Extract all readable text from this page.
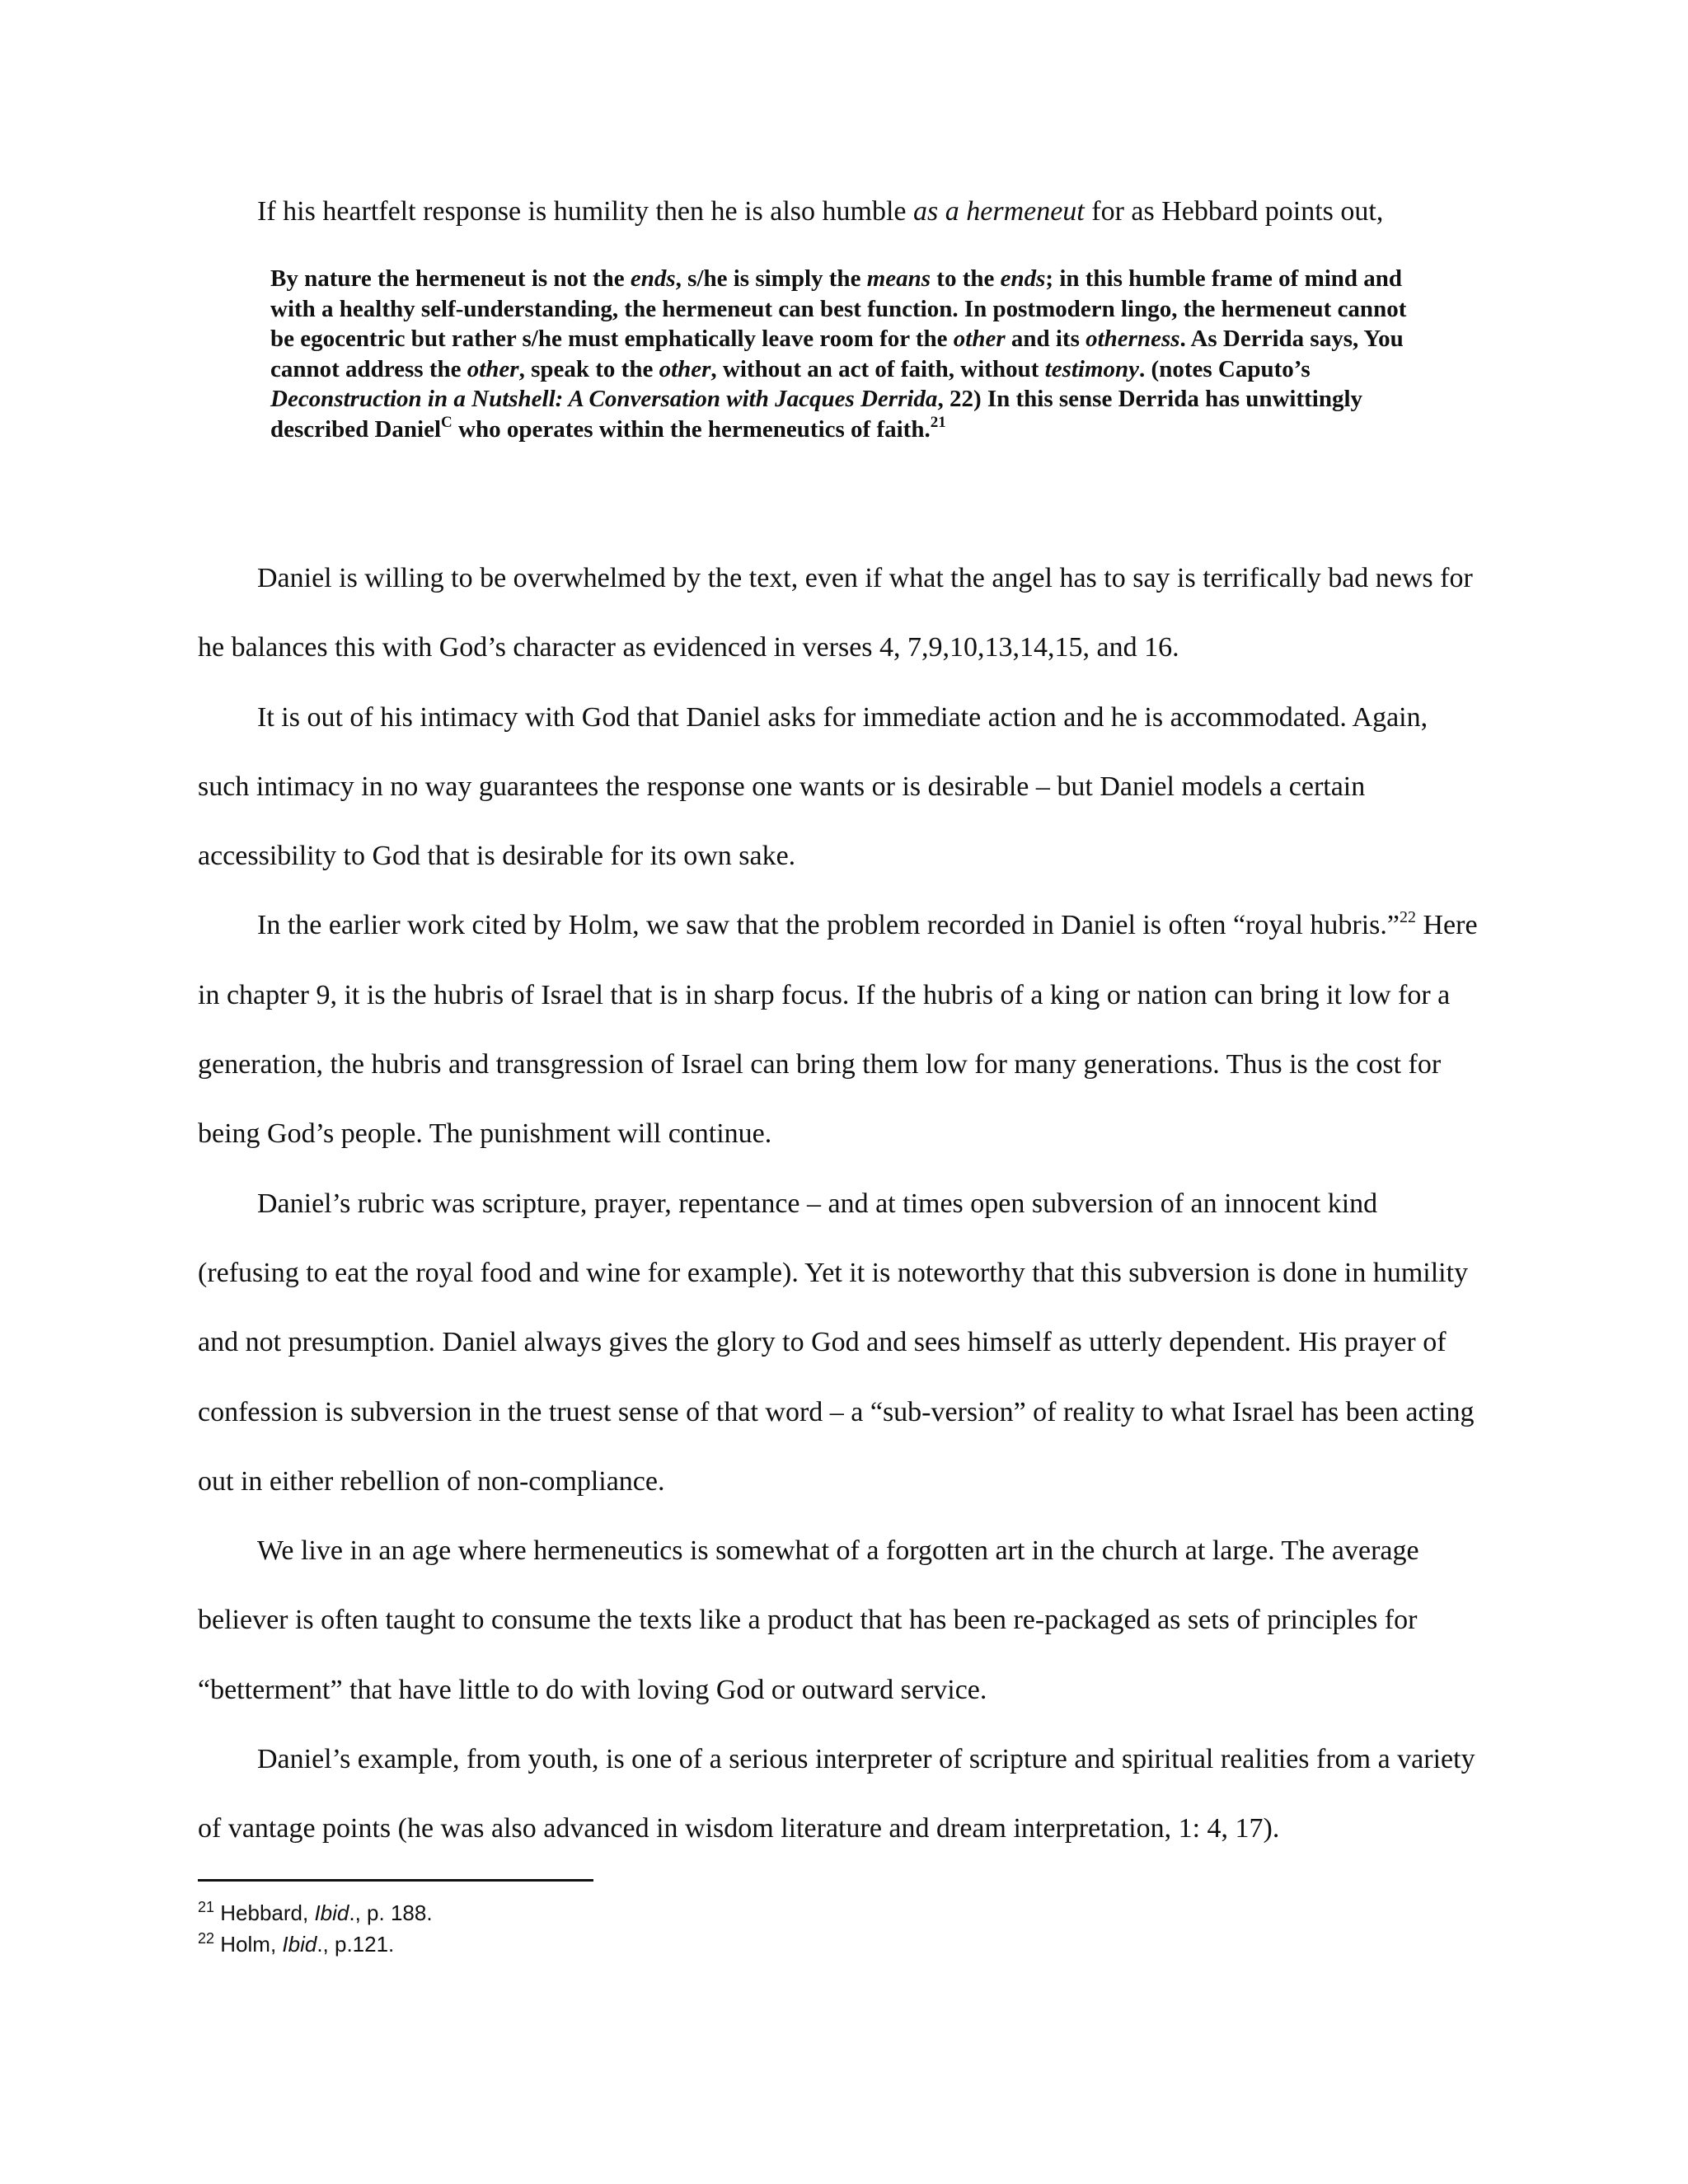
If his heartfelt response is humility then he is also humble as a hermeneut for as Hebbard points out,

By nature the hermeneut is not the ends, s/he is simply the means to the ends; in this humble frame of mind and with a healthy self-understanding, the hermeneut can best function. In postmodern lingo, the hermeneut cannot be egocentric but rather s/he must emphatically leave room for the other and its otherness. As Derrida says, You cannot address the other, speak to the other, without an act of faith, without testimony. (notes Caputo’s Deconstruction in a Nutshell: A Conversation with Jacques Derrida, 22) In this sense Derrida has unwittingly described Daniel$^C$ who operates within the hermeneutics of faith.$^{21}$

Daniel is willing to be overwhelmed by the text, even if what the angel has to say is terrifically bad news for he balances this with God’s character as evidenced in verses 4, 7,9,10,13,14,15, and 16.

It is out of his intimacy with God that Daniel asks for immediate action and he is accommodated. Again, such intimacy in no way guarantees the response one wants or is desirable – but Daniel models a certain accessibility to God that is desirable for its own sake.

In the earlier work cited by Holm, we saw that the problem recorded in Daniel is often “royal hubris.”$^{22}$ Here in chapter 9, it is the hubris of Israel that is in sharp focus. If the hubris of a king or nation can bring it low for a generation, the hubris and transgression of Israel can bring them low for many generations. Thus is the cost for being God’s people. The punishment will continue.

Daniel’s rubric was scripture, prayer, repentance – and at times open subversion of an innocent kind (refusing to eat the royal food and wine for example). Yet it is noteworthy that this subversion is done in humility and not presumption. Daniel always gives the glory to God and sees himself as utterly dependent. His prayer of confession is subversion in the truest sense of that word – a “sub-version” of reality to what Israel has been acting out in either rebellion of non-compliance.

We live in an age where hermeneutics is somewhat of a forgotten art in the church at large. The average believer is often taught to consume the texts like a product that has been re-packaged as sets of principles for “betterment” that have little to do with loving God or outward service.

Daniel’s example, from youth, is one of a serious interpreter of scripture and spiritual realities from a variety of vantage points (he was also advanced in wisdom literature and dream interpretation, 1: 4, 17).

$^{21}$ Hebbard, Ibid., p. 188.
$^{22}$ Holm, Ibid., p.121.
